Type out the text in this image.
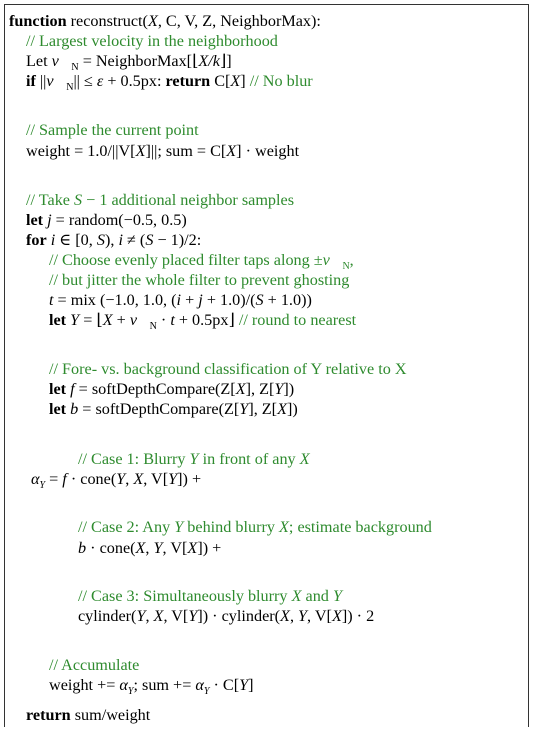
function reconstruct(X, C, V, Z, NeighborMax):
// Largest velocity in the neighborhood
Let $v⃗_N$ = NeighborMax[⌊X/k⌋]
if $||v⃗_N|| \le \varepsilon + 0.5px$: return C[X] // No blur
// Sample the current point
weight = 1.0/||V[X]||; sum = C[X] · weight
// Take S − 1 additional neighbor samples
let j = random(−0.5, 0.5)
for i ∈ [0, S), i ≠ (S − 1)/2:
// Choose evenly placed filter taps along $\pm v⃗_N$,
// but jitter the whole filter to prevent ghosting
t = mix (−1.0, 1.0, (i + j + 1.0)/(S + 1.0))
let Y = ⌊X + $v⃗_N \cdot t$ + 0.5px⌋ // round to nearest
// Fore- vs. background classification of Y relative to X
let f = softDepthCompare(Z[X], Z[Y])
let b = softDepthCompare(Z[Y], Z[X])
// Case 1: Blurry Y in front of any X
$\alpha_Y = f$ · cone(Y, X, V[Y]) +
// Case 2: Any Y behind blurry X; estimate background
b · cone(X, Y, V[X]) +
// Case 3: Simultaneously blurry X and Y
cylinder(Y, X, V[Y]) · cylinder(X, Y, V[X]) · 2
// Accumulate
weight += $\alpha_Y$; sum += $\alpha_Y \cdot C[Y]$
return sum/weight
